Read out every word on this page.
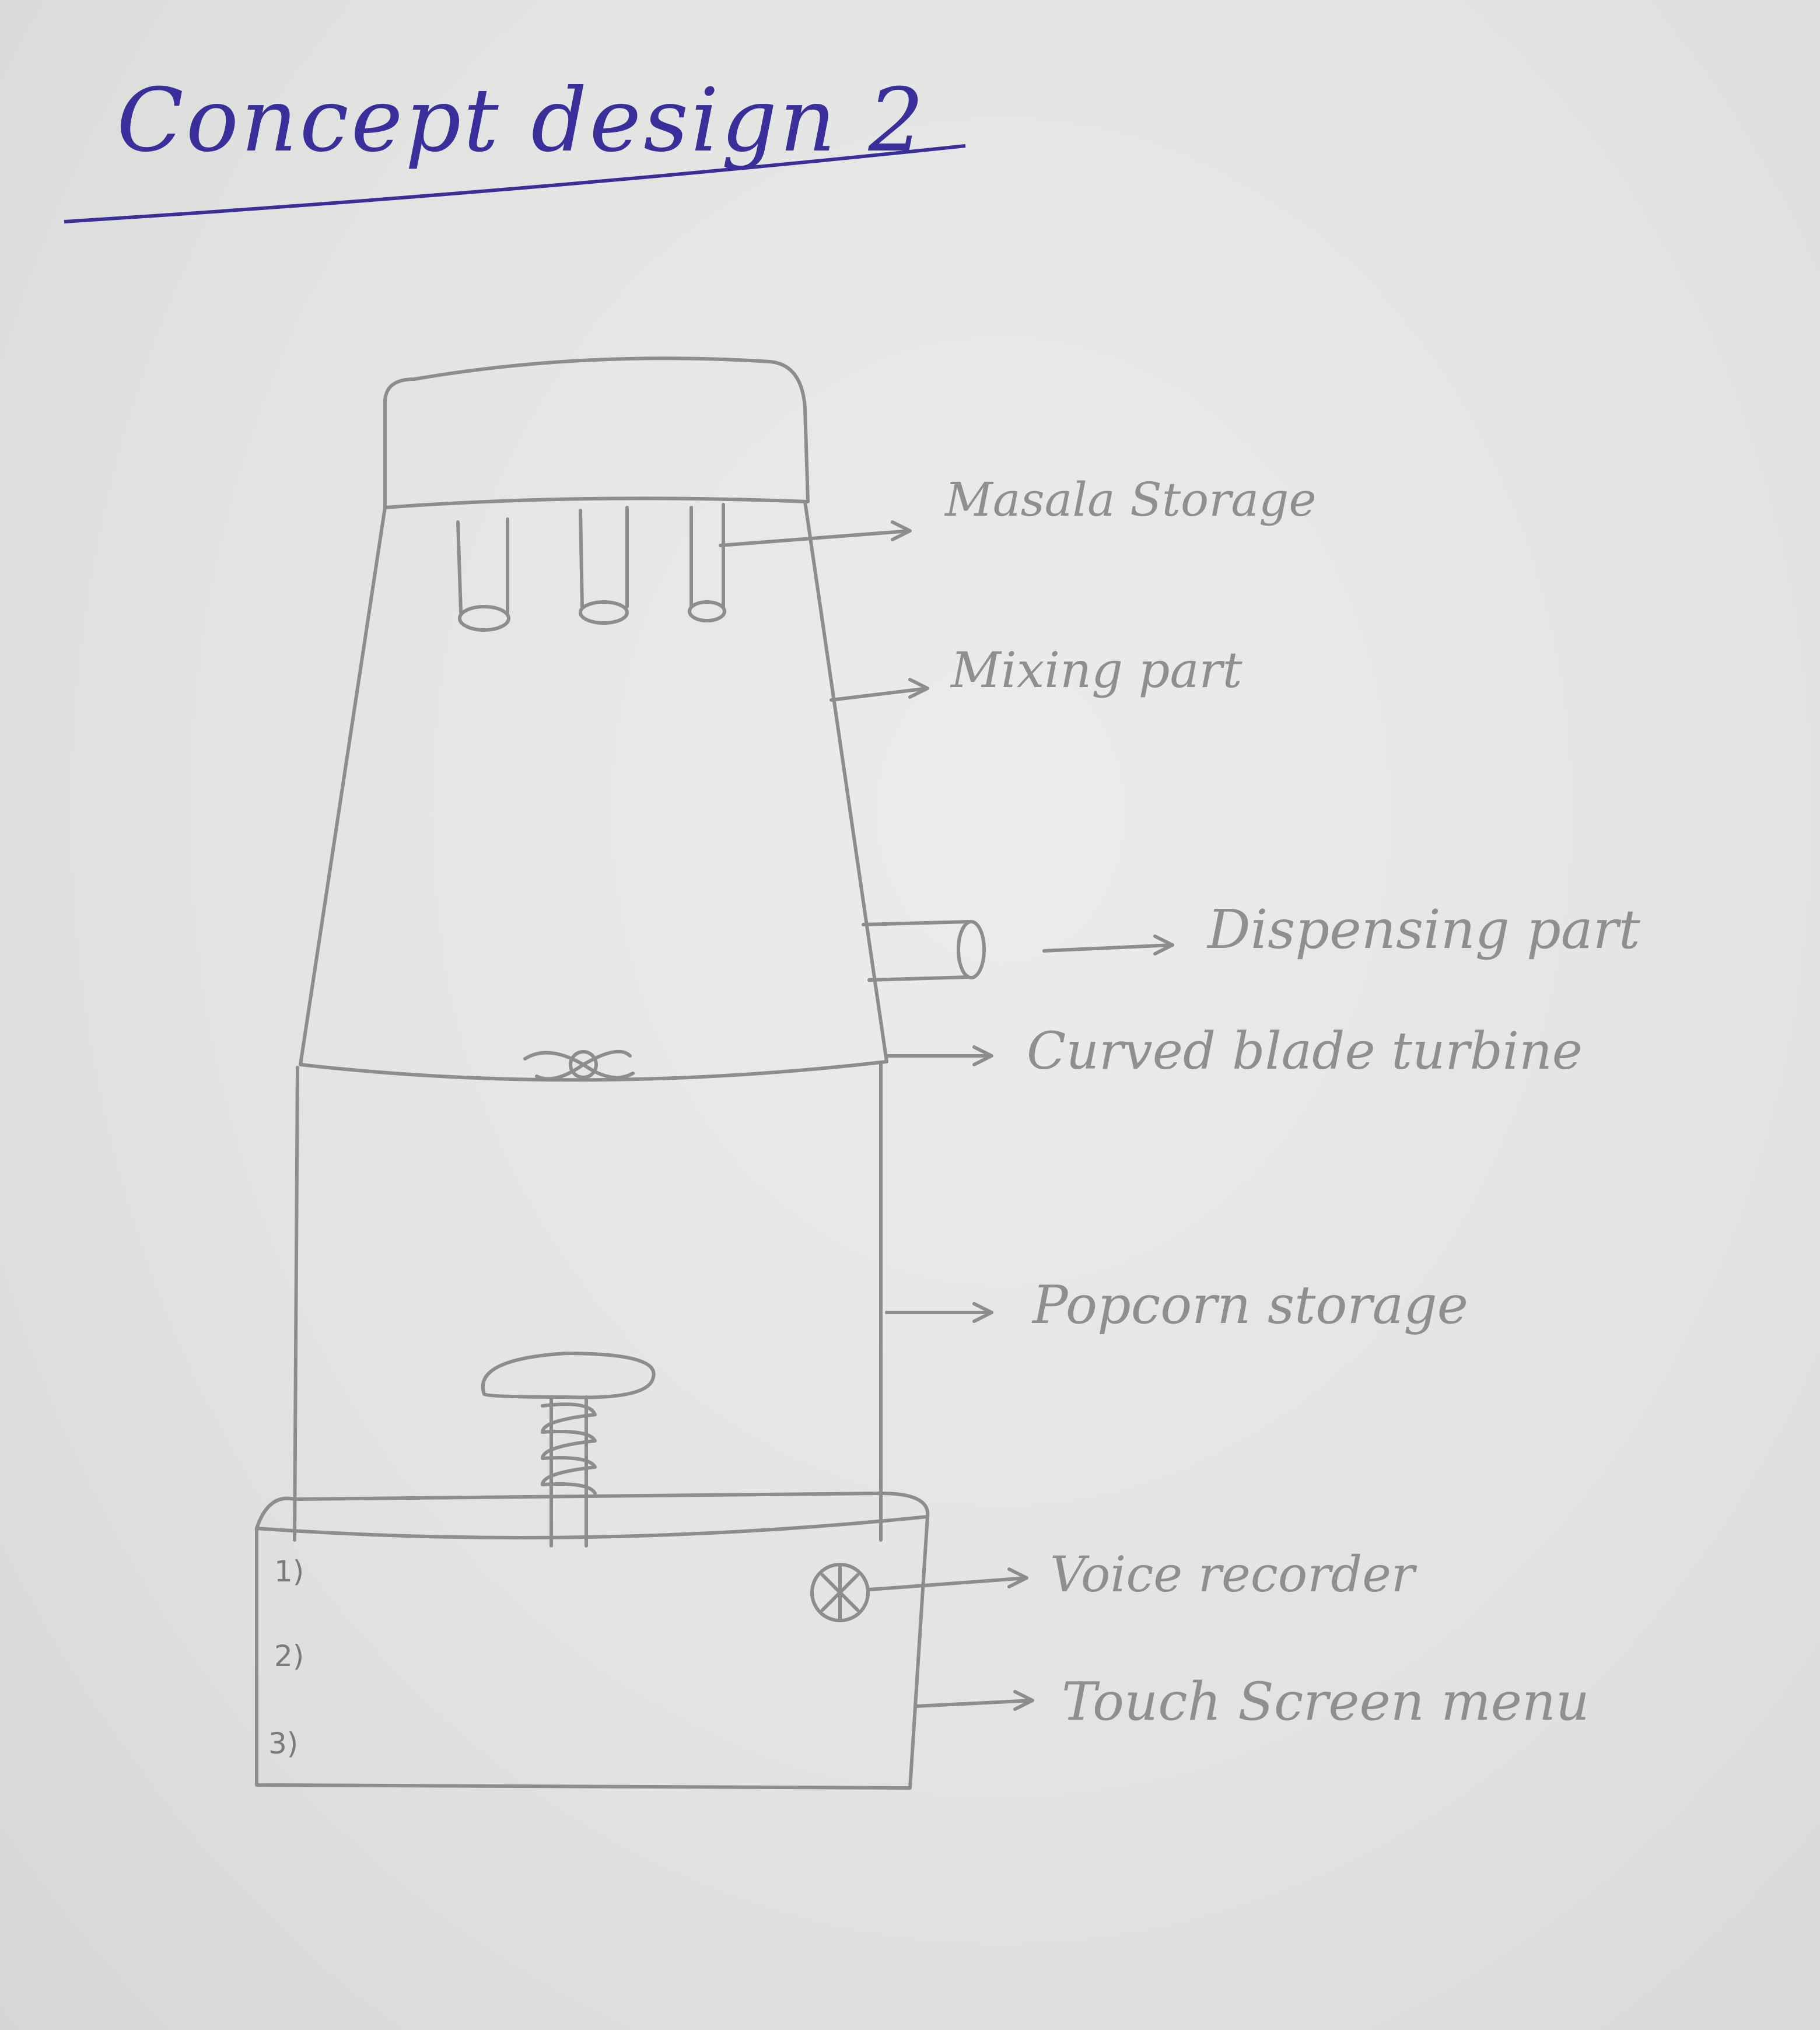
Concept design 2
Masala Storage
Mixing part
Dispensing part
Curved blade turbine
Popcorn storage
Voice recorder
Touch Screen menu
1)
2)
3)
